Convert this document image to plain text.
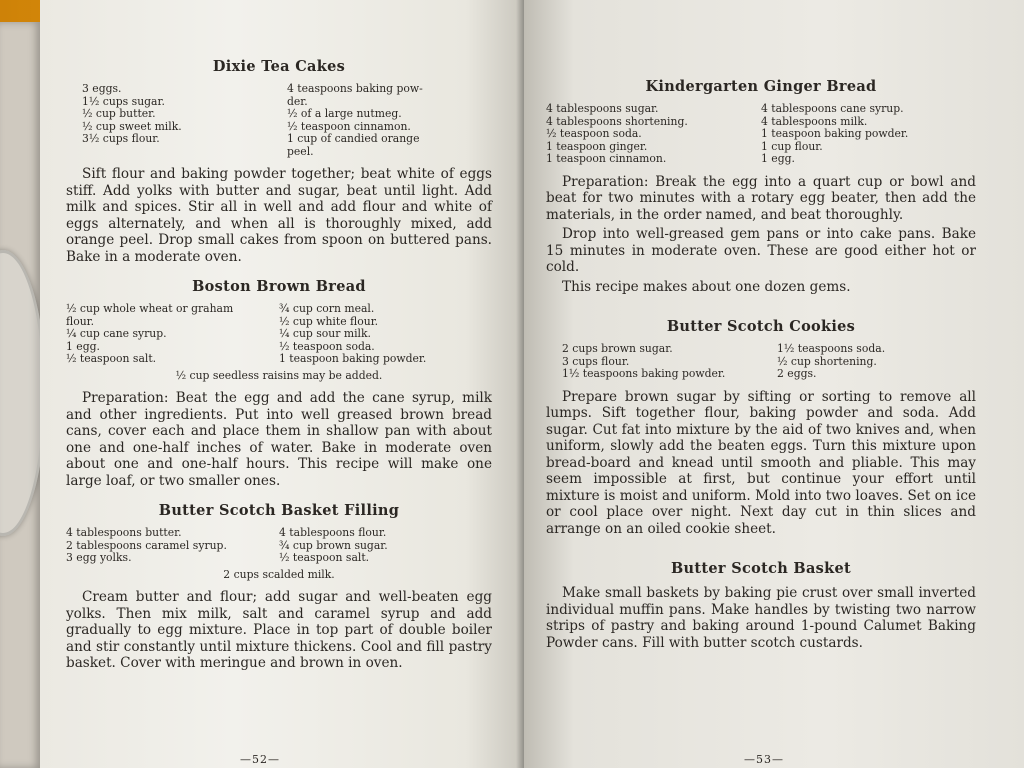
Dixie Tea Cakes
3 eggs.
1½ cups sugar.
½ cup butter.
½ cup sweet milk.
3½ cups flour.
4 teaspoons baking pow-
der.
½ of a large nutmeg.
½ teaspoon cinnamon.
1 cup of candied orange
peel.

Sift flour and baking powder together; beat white of eggs stiff. Add yolks with butter and sugar, beat until light. Add milk and spices. Stir all in well and add flour and white of eggs alternately, and when all is thoroughly mixed, add orange peel. Drop small cakes from spoon on buttered pans. Bake in a moderate oven.

Boston Brown Bread
½ cup whole wheat or graham
flour.
¼ cup cane syrup.
1 egg.
½ teaspoon salt.
¾ cup corn meal.
½ cup white flour.
¼ cup sour milk.
½ teaspoon soda.
1 teaspoon baking powder.
½ cup seedless raisins may be added.

Preparation: Beat the egg and add the cane syrup, milk and other ingredients. Put into well greased brown bread cans, cover each and place them in shallow pan with about one and one-half inches of water. Bake in moderate oven about one and one-half hours. This recipe will make one large loaf, or two smaller ones.

Butter Scotch Basket Filling
4 tablespoons butter.
2 tablespoons caramel syrup.
3 egg yolks.
4 tablespoons flour.
¾ cup brown sugar.
½ teaspoon salt.
2 cups scalded milk.

Cream butter and flour; add sugar and well-beaten egg yolks. Then mix milk, salt and caramel syrup and add gradually to egg mixture. Place in top part of double boiler and stir constantly until mixture thickens. Cool and fill pastry basket. Cover with meringue and brown in oven.

—52—
Kindergarten Ginger Bread
4 tablespoons sugar.
4 tablespoons shortening.
½ teaspoon soda.
1 teaspoon ginger.
1 teaspoon cinnamon.
4 tablespoons cane syrup.
4 tablespoons milk.
1 teaspoon baking powder.
1 cup flour.
1 egg.

Preparation: Break the egg into a quart cup or bowl and beat for two minutes with a rotary egg beater, then add the materials, in the order named, and beat thoroughly.

Drop into well-greased gem pans or into cake pans. Bake 15 minutes in moderate oven. These are good either hot or cold.

This recipe makes about one dozen gems.

Butter Scotch Cookies
2 cups brown sugar.
3 cups flour.
1½ teaspoons baking powder.
1½ teaspoons soda.
½ cup shortening.
2 eggs.

Prepare brown sugar by sifting or sorting to remove all lumps. Sift together flour, baking powder and soda. Add sugar. Cut fat into mixture by the aid of two knives and, when uniform, slowly add the beaten eggs. Turn this mixture upon bread-board and knead until smooth and pliable. This may seem impossible at first, but continue your effort until mixture is moist and uniform. Mold into two loaves. Set on ice or cool place over night. Next day cut in thin slices and arrange on an oiled cookie sheet.

Butter Scotch Basket

Make small baskets by baking pie crust over small inverted individual muffin pans. Make handles by twisting two narrow strips of pastry and baking around 1-pound Calumet Baking Powder cans. Fill with butter scotch custards.

—53—
